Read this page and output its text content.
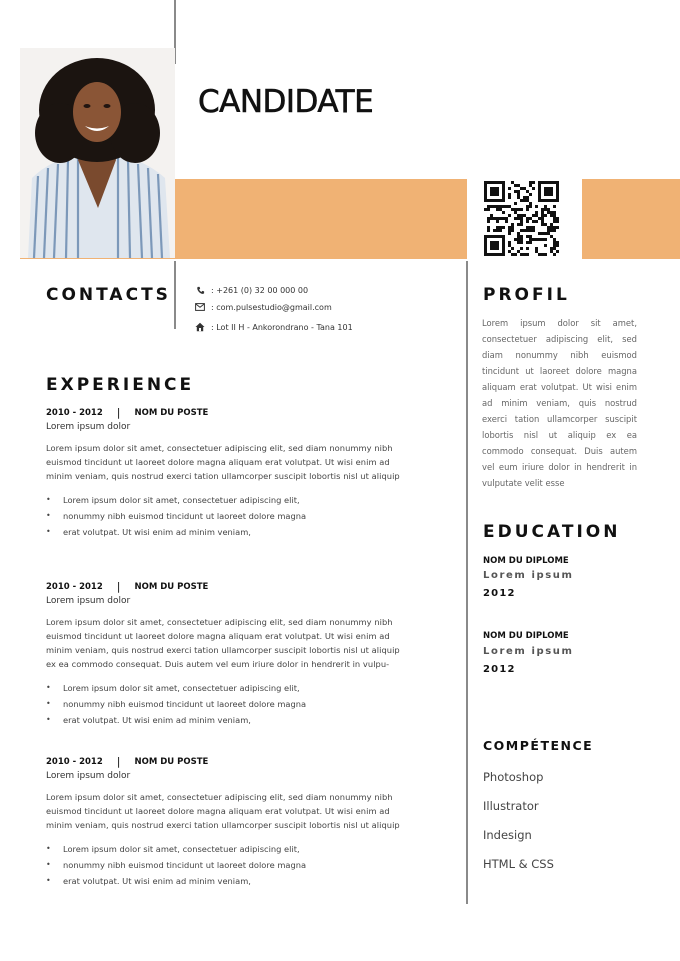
CANDIDATE
CONTACTS	: +261 (0) 32 00 000 00
: com.pulsestudio@gmail.com
: Lot II H - Ankorondrano - Tana 101
EXPERIENCE
2010 - 2012 | NOM DU POSTE
Lorem ipsum dolor
Lorem ipsum dolor sit amet, consectetuer adipiscing elit, sed diam nonummy nibh
euismod tincidunt ut laoreet dolore magna aliquam erat volutpat. Ut wisi enim ad
minim veniam, quis nostrud exerci tation ullamcorper suscipit lobortis nisl ut aliquip
• Lorem ipsum dolor sit amet, consectetuer adipiscing elit,
• nonummy nibh euismod tincidunt ut laoreet dolore magna
• erat volutpat. Ut wisi enim ad minim veniam,
2010 - 2012 | NOM DU POSTE
Lorem ipsum dolor
Lorem ipsum dolor sit amet, consectetuer adipiscing elit, sed diam nonummy nibh
euismod tincidunt ut laoreet dolore magna aliquam erat volutpat. Ut wisi enim ad
minim veniam, quis nostrud exerci tation ullamcorper suscipit lobortis nisl ut aliquip
ex ea commodo consequat. Duis autem vel eum iriure dolor in hendrerit in vulpu-
• Lorem ipsum dolor sit amet, consectetuer adipiscing elit,
• nonummy nibh euismod tincidunt ut laoreet dolore magna
• erat volutpat. Ut wisi enim ad minim veniam,
2010 - 2012 | NOM DU POSTE
Lorem ipsum dolor
Lorem ipsum dolor sit amet, consectetuer adipiscing elit, sed diam nonummy nibh
euismod tincidunt ut laoreet dolore magna aliquam erat volutpat. Ut wisi enim ad
minim veniam, quis nostrud exerci tation ullamcorper suscipit lobortis nisl ut aliquip
• Lorem ipsum dolor sit amet, consectetuer adipiscing elit,
• nonummy nibh euismod tincidunt ut laoreet dolore magna
• erat volutpat. Ut wisi enim ad minim veniam,
PROFIL
Lorem ipsum dolor sit amet, consectetuer adipiscing elit, sed diam nonummy nibh euismod tincidunt ut laoreet dolore magna aliquam erat volutpat. Ut wisi enim ad minim veniam, quis nostrud exerci tation ullamcorper suscipit lobortis nisl ut aliquip ex ea commodo consequat. Duis autem vel eum iriure dolor in hendrerit in vulputate velit esse
EDUCATION
NOM DU DIPLOME
Lorem ipsum
2012
NOM DU DIPLOME
Lorem ipsum
2012
COMPÉTENCE
Photoshop
Illustrator
Indesign
HTML & CSS
